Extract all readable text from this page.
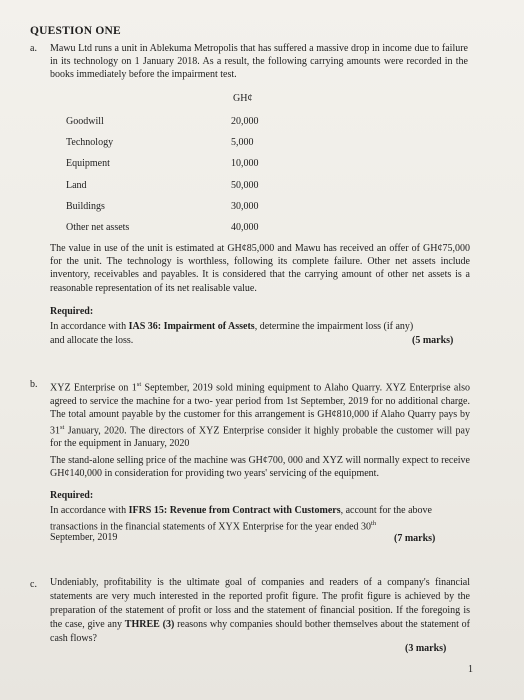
QUESTION ONE
a. Mawu Ltd runs a unit in Ablekuma Metropolis that has suffered a massive drop in income due to failure in its technology on 1 January 2018. As a result, the following carrying amounts were recorded in the books immediately before the impairment test.
GH¢
Goodwill	20,000
Technology	5,000
Equipment	10,000
Land	50,000
Buildings	30,000
Other net assets	40,000
The value in use of the unit is estimated at GH¢85,000 and Mawu has received an offer of GH¢75,000 for the unit. The technology is worthless, following its complete failure. Other net assets include inventory, receivables and payables. It is considered that the carrying amount of other net assets is a reasonable representation of its net realisable value.
Required:
In accordance with IAS 36: Impairment of Assets, determine the impairment loss (if any)
and allocate the loss.	(5 marks)
b. XYZ Enterprise on 1st September, 2019 sold mining equipment to Alaho Quarry. XYZ Enterprise also agreed to service the machine for a two- year period from 1st September, 2019 for no additional charge. The total amount payable by the customer for this arrangement is GH¢810,000 if Alaho Quarry pays by 31st January, 2020. The directors of XYZ Enterprise consider it highly probable the customer will pay for the equipment in January, 2020
The stand-alone selling price of the machine was GH¢700, 000 and XYZ will normally expect to receive GH¢140,000 in consideration for providing two years' servicing of the equipment.
Required:
In accordance with IFRS 15: Revenue from Contract with Customers, account for the above transactions in the financial statements of XYX Enterprise for the year ended 30th
September, 2019	(7 marks)
c. Undeniably, profitability is the ultimate goal of companies and readers of a company's financial statements are very much interested in the reported profit figure. The profit figure is achieved by the preparation of the statement of profit or loss and the statement of financial position. If the foregoing is the case, give any THREE (3) reasons why companies should bother themselves about the statement of cash flows?
(3 marks)
1
